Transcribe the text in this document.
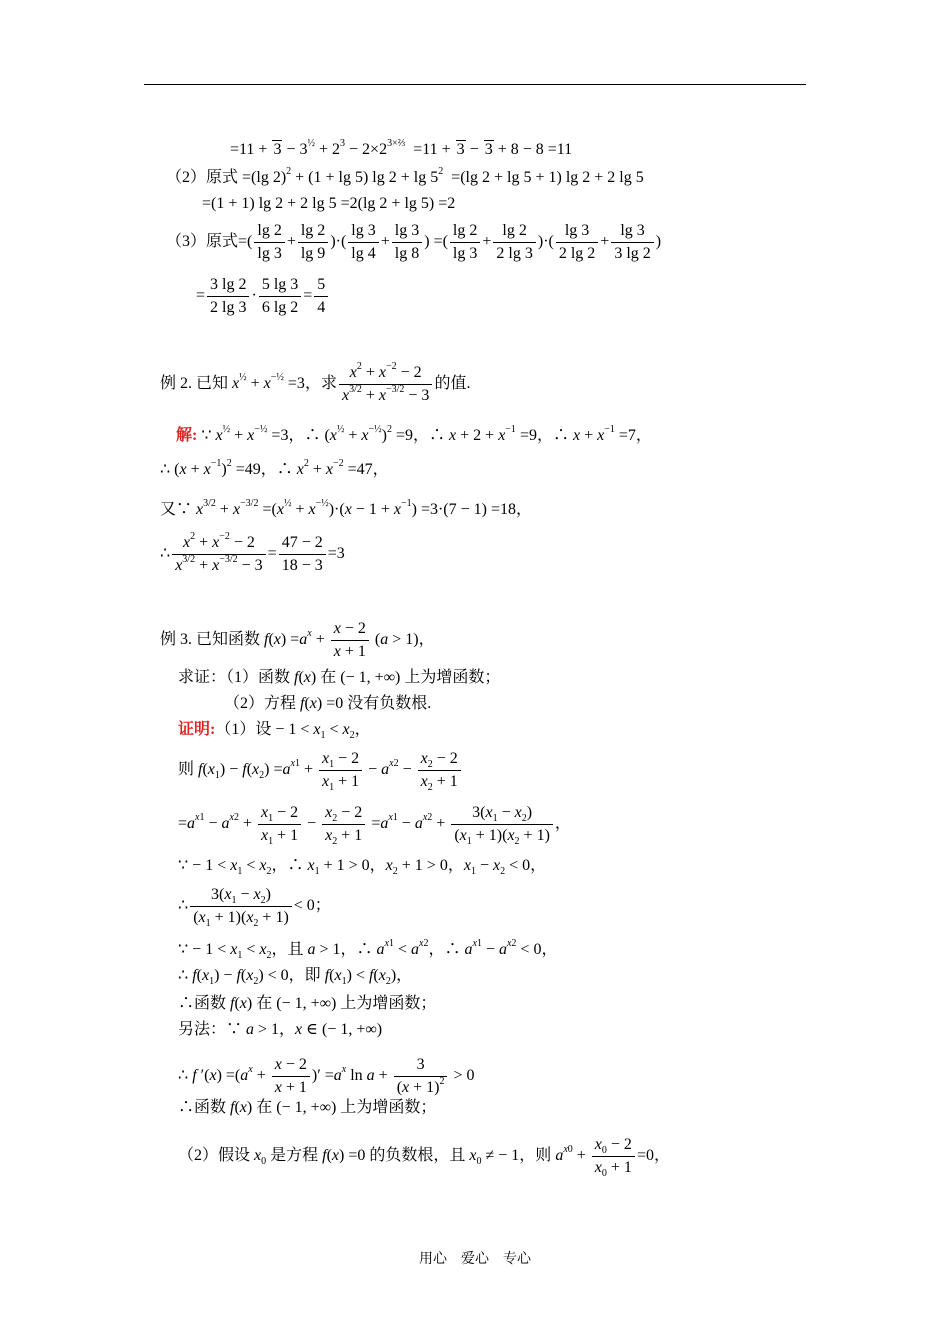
$=11 + 3 - 3^{\frac{1}{2}} + 2^3 - 2\times 2^{3\times\frac{2}{3}} =11 + 3 - 3 + 8 - 8 =11$
（2）原式 =(lg 2)$^2$ + (1 + lg 5) $\lg 2 + \lg 5^2 =(\lg$ 2 + lg 5 + 1) lg 2 + 2 lg 5
=(1 + 1) lg 2 + 2 lg 5 =2(lg 2 + lg 5) =2
（3）原式=( $\frac{\lg 2}{\lg 3} + \frac{\lg 2}{\lg 9}$ )·( $\frac{\lg 3}{\lg 4} + \frac{\lg 3}{\lg 8}$ ) =( $\frac{\lg 2}{\lg 3} + \frac{\lg 2}{2 \lg 3}$ )·( $\frac{\lg 3}{2 \lg 2} + \frac{\lg 3}{3 \lg 2}$ )
= $\frac{3 \lg 2}{2 \lg 3} \cdot \frac{5 \lg 3}{6 \lg 2} = \frac{5}{4}$
例 2. 已知 $x^{\frac{1}{2}} + x^{-\frac{1}{2}} =3$，求 $\frac{x^2 + x^{-2} - 2}{x^{3/2} + x^{-3/2} - 3}$ 的值.
解: ∵ $x^{\frac{1}{2}} + x^{-\frac{1}{2}} =3$，∴ $(x^{\frac{1}{2}} + x^{-\frac{1}{2}})^2 =9$，∴ $x + 2 + x^{-1} =9$，∴ $x + x^{-1} =7$，
∴ $(x + x^{-1})^2 =49$，∴ $x^2 + x^{-2} =47$，
又∵ $x^{3/2} + x^{-3/2} =(x^{\frac{1}{2}} + x^{-\frac{1}{2}})\cdot(x - 1 + x^{-1}) =3\cdot(7 - 1) =18$，
∴ $\frac{x^2 + x^{-2} - 2}{x^{3/2} + x^{-3/2} - 3} = \frac{47 - 2}{18 - 3} =3$
例 3. 已知函数 $f(x) =a^x + \frac{x - 2}{x + 1} (a > 1)$，
求证：（1）函数 f(x) 在 (− 1, +∞) 上为增函数；
（2）方程 f(x) =0 没有负数根.
证明:（1）设 − $1 < x_1 < x_2$，
则 $f(x_1) - f(x_2) =a^{x1} + \frac{x_1 - 2}{x_1 + 1} - a^{x2} - \frac{x_2 - 2}{x_2 + 1}$
$=a^{x1} - a^{x2} + \frac{x_1 - 2}{x_1 + 1} - \frac{x_2 - 2}{x_2 + 1} =a^{x1} - a^{x2} + \frac{3(x_1 - x_2)}{(x_1 + 1)(x_2 + 1)}$ ，
∵ − $1 < x_1 < x_2$，∴ $x_1 + 1 > 0$，$x_2 + 1 > 0$，$x_1 - x_2 < 0$，
∴ $\frac{3(x_1 - x_2)}{(x_1 + 1)(x_2 + 1)} < 0$；
∵ − $1 < x_1 < x_2$，且 a > 1，∴ $a^{x1} < a^{x2}$，∴ $a^{x1} - a^{x2} < 0$，
∴ $f(x_1) - f(x_2) < 0$，即 $f(x_1) < f(x_2)$，
∴函数 f(x) 在 (− 1, +∞) 上为增函数；
另法：∵ a > 1，x ∈ (− 1, +∞)
∴ f $'(x) =(a^x + \frac{x - 2}{x + 1}$ )′ $=a^x$ $\ln a + \frac{3}{(x + 1)^2} > 0$
∴函数 f(x) 在 (− 1, +∞) 上为增函数；
（2）假设 $x_0$ 是方程 f(x) =0 的负数根，且 $x_0$ ≠ − 1，则 $a^{x0} + \frac{x_0 - 2}{x_0 + 1} =0$，
用心　爱心　专心
